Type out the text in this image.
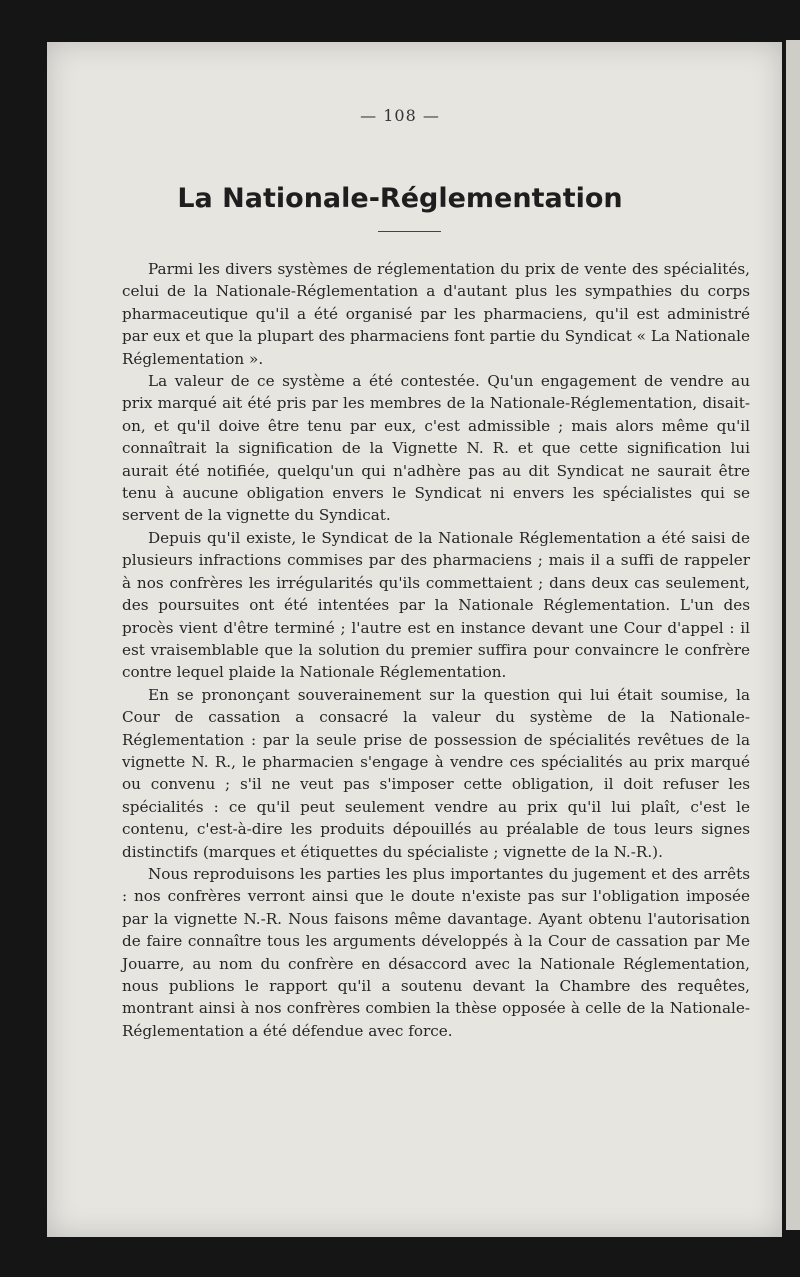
— 108 —
La Nationale-Réglementation

Parmi les divers systèmes de réglementation du prix de vente des spécialités, celui de la Nationale-Réglementation a d'autant plus les sympathies du corps pharmaceutique qu'il a été organisé par les pharmaciens, qu'il est administré par eux et que la plupart des pharmaciens font partie du Syndicat « La Nationale Réglementation ».

La valeur de ce système a été contestée. Qu'un engagement de vendre au prix marqué ait été pris par les membres de la Nationale-Réglementation, disait-on, et qu'il doive être tenu par eux, c'est admissible ; mais alors même qu'il connaîtrait la signification de la Vignette N. R. et que cette signification lui aurait été notifiée, quelqu'un qui n'adhère pas au dit Syndicat ne saurait être tenu à aucune obligation envers le Syndicat ni envers les spécialistes qui se servent de la vignette du Syndicat.

Depuis qu'il existe, le Syndicat de la Nationale Réglementation a été saisi de plusieurs infractions commises par des pharmaciens ; mais il a suffi de rappeler à nos confrères les irrégularités qu'ils commettaient ; dans deux cas seulement, des poursuites ont été intentées par la Nationale Réglementation. L'un des procès vient d'être terminé ; l'autre est en instance devant une Cour d'appel : il est vraisemblable que la solution du premier suffira pour convaincre le confrère contre lequel plaide la Nationale Réglementation.

En se prononçant souverainement sur la question qui lui était soumise, la Cour de cassation a consacré la valeur du système de la Nationale-Réglementation : par la seule prise de possession de spécialités revêtues de la vignette N. R., le pharmacien s'engage à vendre ces spécialités au prix marqué ou convenu ; s'il ne veut pas s'imposer cette obligation, il doit refuser les spécialités : ce qu'il peut seulement vendre au prix qu'il lui plaît, c'est le contenu, c'est-à-dire les produits dépouillés au préalable de tous leurs signes distinctifs (marques et étiquettes du spécialiste ; vignette de la N.-R.).

Nous reproduisons les parties les plus importantes du jugement et des arrêts : nos confrères verront ainsi que le doute n'existe pas sur l'obligation imposée par la vignette N.-R. Nous faisons même davantage. Ayant obtenu l'autorisation de faire connaître tous les arguments développés à la Cour de cassation par Me Jouarre, au nom du confrère en désaccord avec la Nationale Réglementation, nous publions le rapport qu'il a soutenu devant la Chambre des requêtes, montrant ainsi à nos confrères combien la thèse opposée à celle de la Nationale-Réglementation a été défendue avec force.
